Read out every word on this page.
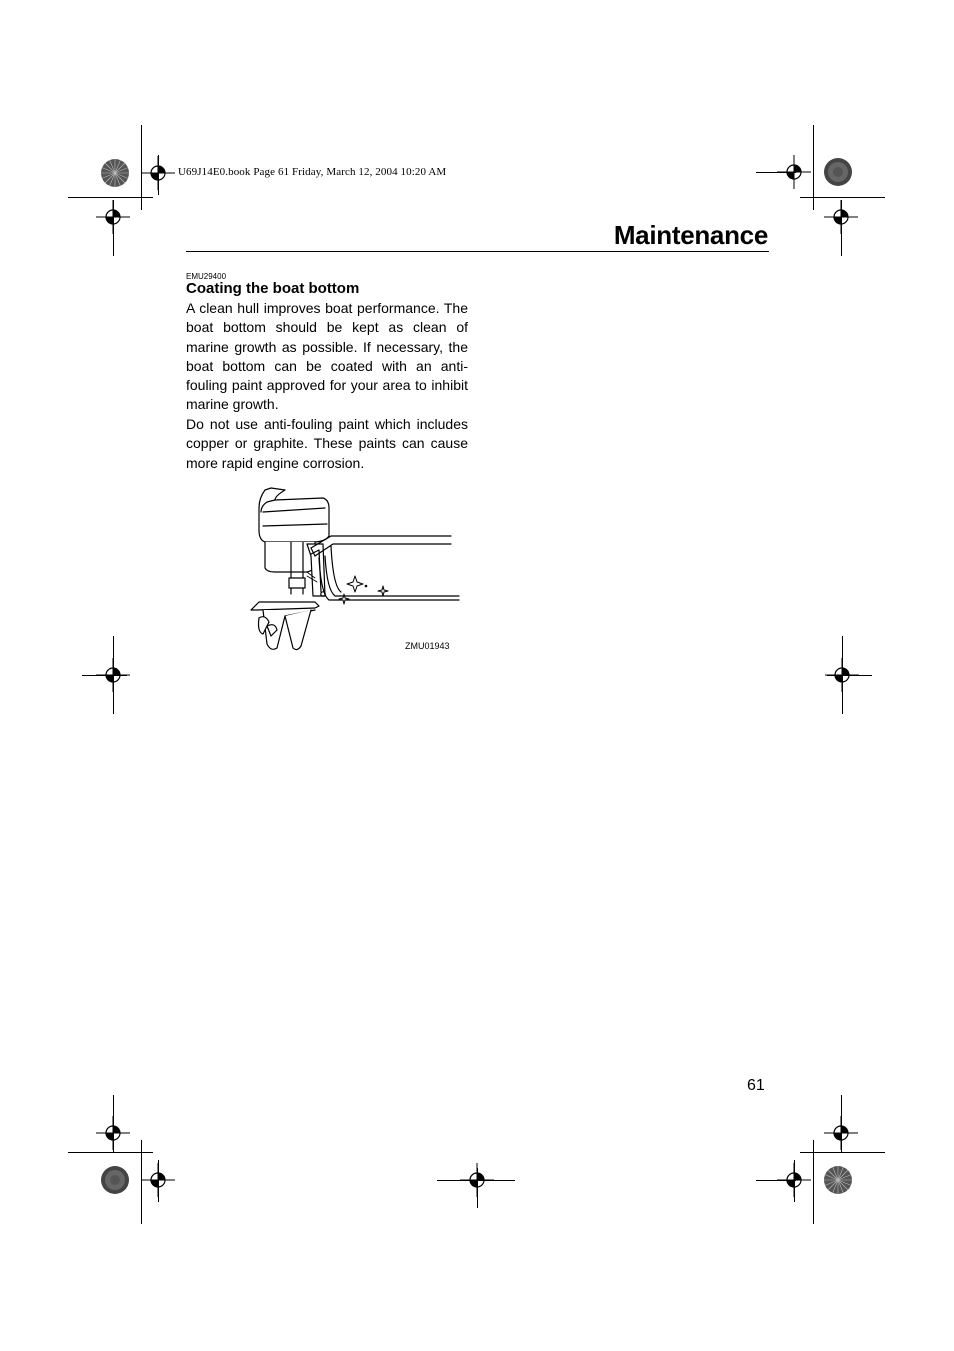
U69J14E0.book Page 61 Friday, March 12, 2004 10:20 AM
Maintenance
EMU29400
Coating the boat bottom
A clean hull improves boat performance. The boat bottom should be kept as clean of marine growth as possible. If necessary, the boat bottom can be coated with an anti-fouling paint approved for your area to inhibit marine growth.
Do not use anti-fouling paint which includes copper or graphite. These paints can cause more rapid engine corrosion.
ZMU01943
61
